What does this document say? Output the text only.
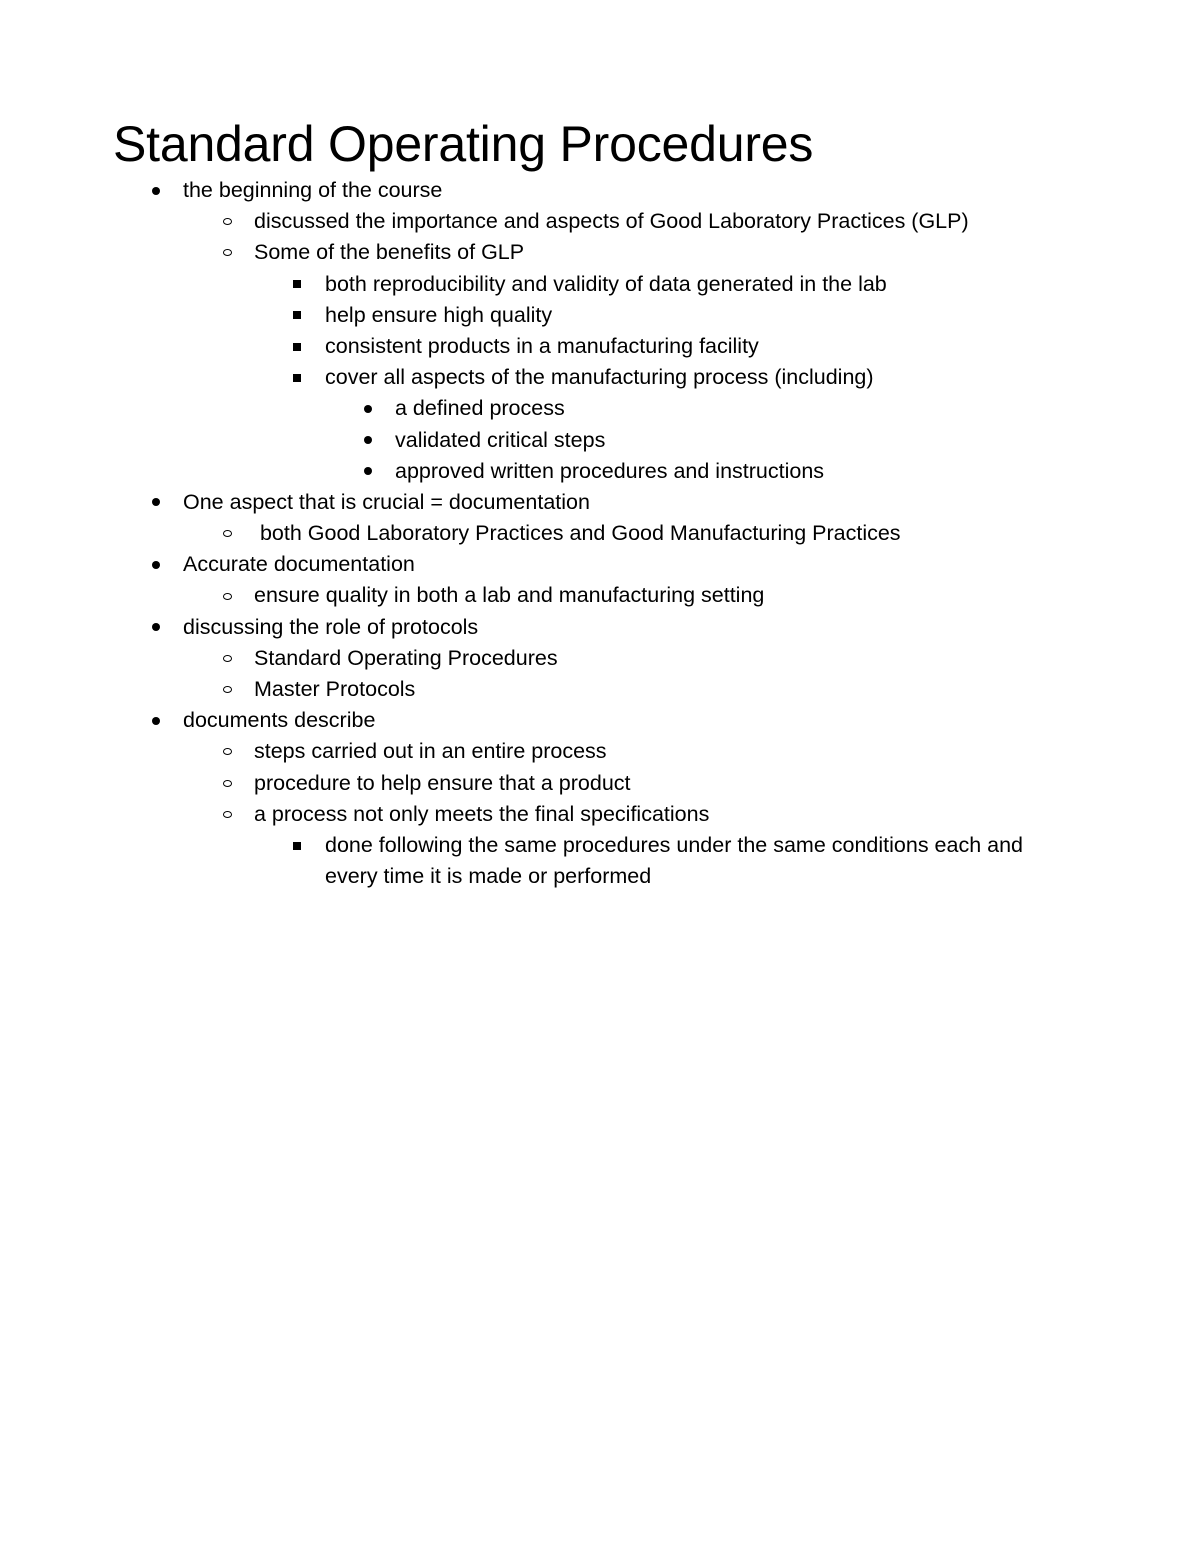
Standard Operating Procedures
the beginning of the course
discussed the importance and aspects of Good Laboratory Practices (GLP)
Some of the benefits of GLP
both reproducibility and validity of data generated in the lab
help ensure high quality
consistent products in a manufacturing facility
cover all aspects of the manufacturing process (including)
a defined process
validated critical steps
approved written procedures and instructions
One aspect that is crucial = documentation
both Good Laboratory Practices and Good Manufacturing Practices
Accurate documentation
ensure quality in both a lab and manufacturing setting
discussing the role of protocols
Standard Operating Procedures
Master Protocols
documents describe
steps carried out in an entire process
procedure to help ensure that a product
a process not only meets the final specifications
done following the same procedures under the same conditions each and every time it is made or performed
